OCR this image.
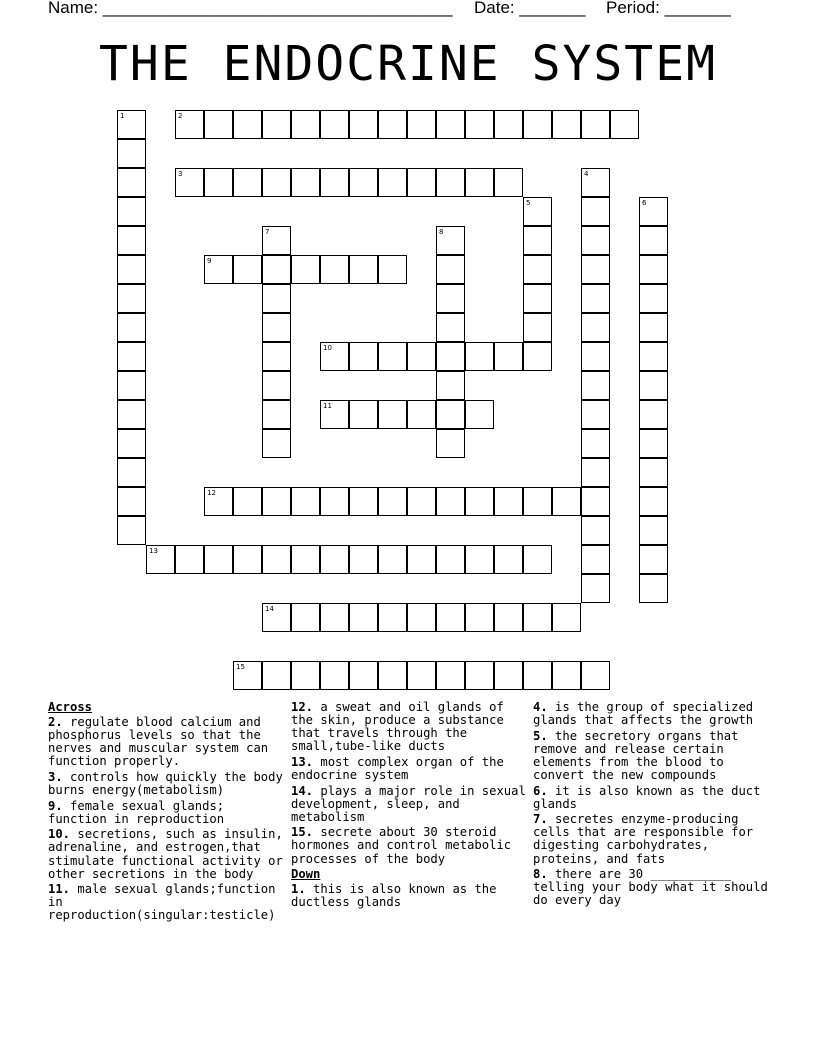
Name: _____________________________________ Date: _______ Period: _______
THE ENDOCRINE SYSTEM
1	2
3	4
5	6
7	8
9
10
11
12
13
14
15
Across
2. regulate blood calcium and phosphorus levels so that the nerves and muscular system can function properly.
3. controls how quickly the body burns energy(metabolism)
9. female sexual glands; function in reproduction
10. secretions, such as insulin, adrenaline, and estrogen,that stimulate functional activity or other secretions in the body
11. male sexual glands;function in reproduction(singular:testicle)
12. a sweat and oil glands of the skin, produce a substance that travels through the small,tube-like ducts
13. most complex organ of the endocrine system
14. plays a major role in sexual development, sleep, and metabolism
15. secrete about 30 steroid hormones and control metabolic processes of the body
Down
1. this is also known as the ductless glands
4. is the group of specialized glands that affects the growth
5. the secretory organs that remove and release certain elements from the blood to convert the new compounds
6. it is also known as the duct glands
7. secretes enzyme-producing cells that are responsible for digesting carbohydrates, proteins, and fats
8. there are 30 ___________ telling your body what it should do every day
